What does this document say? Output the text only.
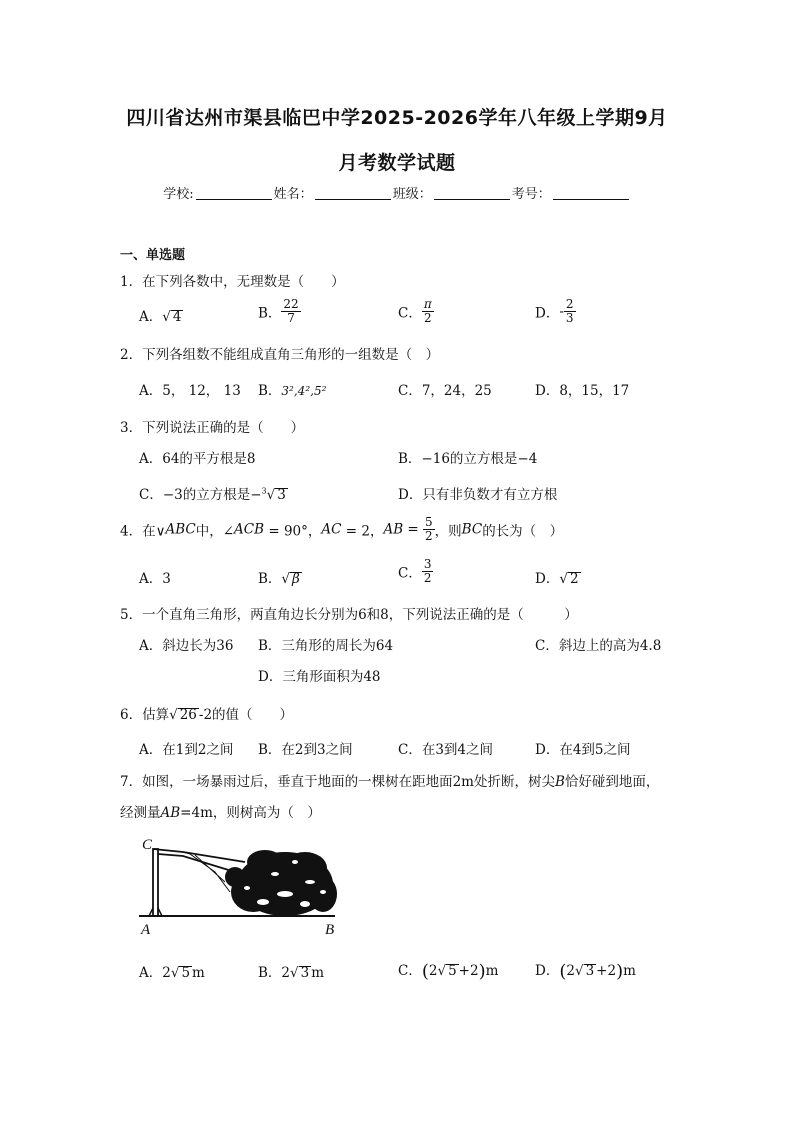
四川省达州市渠县临巴中学2025-2026学年八年级上学期9月
月考数学试题
学校:	姓名：	班级：	考号：
一、单选题
1．在下列各数中，无理数是（　　）
A．√ 4	B． $\frac{22}{7}$	C． $\frac{\pi}{2}$	D．- $\frac{2}{3}$
2．下列各组数不能组成直角三角形的一组数是（　）
A．5， 12， 13 B．3²,4²,5²	C．7，24，25	D．8，15，17
3．下列说法正确的是（　　）
A．64的平方根是8	B．−16的立方根是−4
C．−3的立方根是−$^3$√ 3	D．只有非负数才有立方根
4．在∨ABC中，∠ACB = 90°，AC = 2，AB = $\frac{5}{2}$ ，则BC的长为（　）
A．3	B．√ β	C． $\frac{3}{2}$	D．√ 2
5．一个直角三角形，两直角边长分别为6和8，下列说法正确的是（　　　）
A．斜边长为36 B．三角形的周长为64	C．斜边上的高为4.8
D．三角形面积为48
6．估算√ 26 -2的值（　　）
A．在1到2之间 B．在2到3之间	C．在3到4之间	D．在4到5之间
7．如图，一场暴雨过后，垂直于地面的一棵树在距地面2m处折断，树尖B恰好碰到地面，
经测量AB=4m，则树高为（　）
C
A	B
A．2√ 5 m	B．2√ 3 m	C．(2√ 5 +2)m	D．(2√ 3 +2)m
